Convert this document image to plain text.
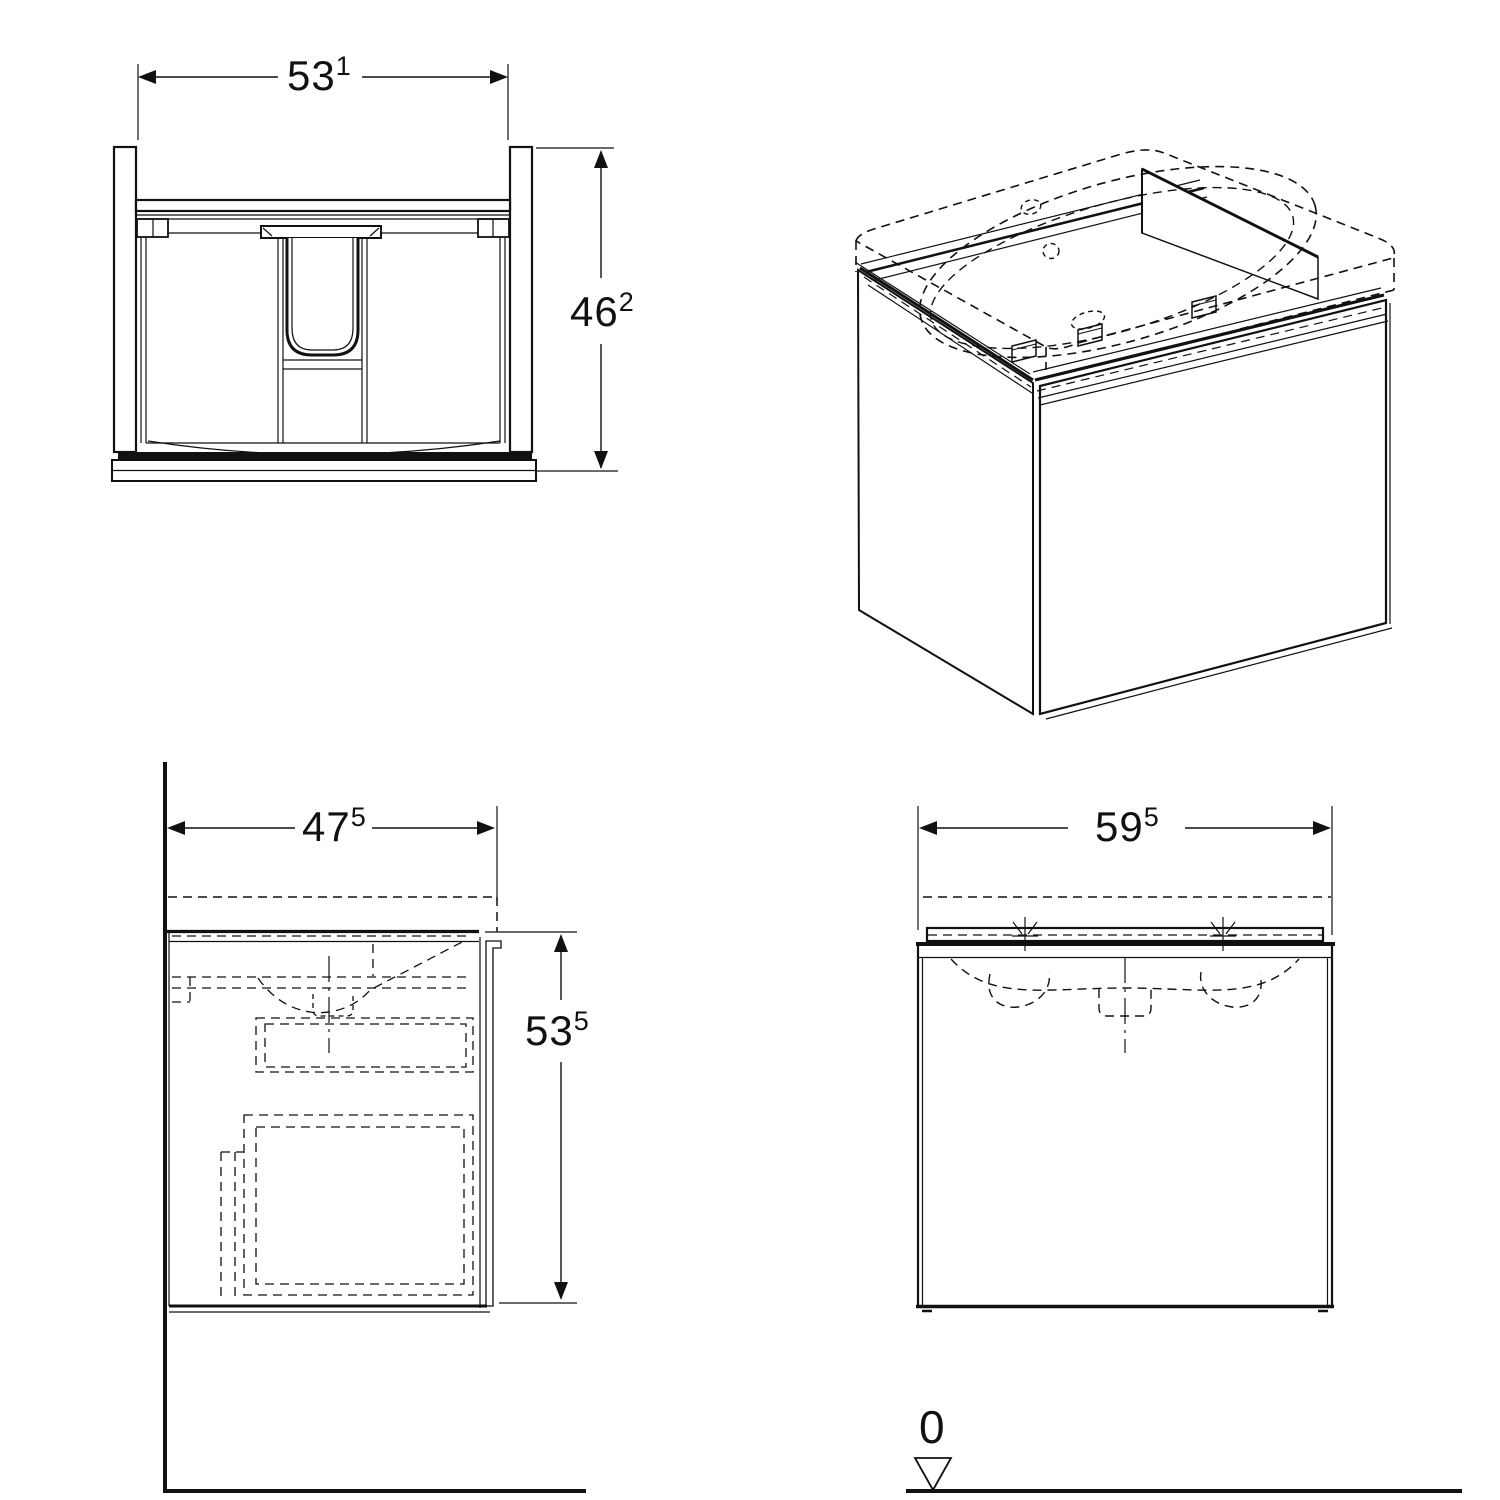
$53^1$
$46^2$
$47^5$
$53^5$
$59^5$
0
